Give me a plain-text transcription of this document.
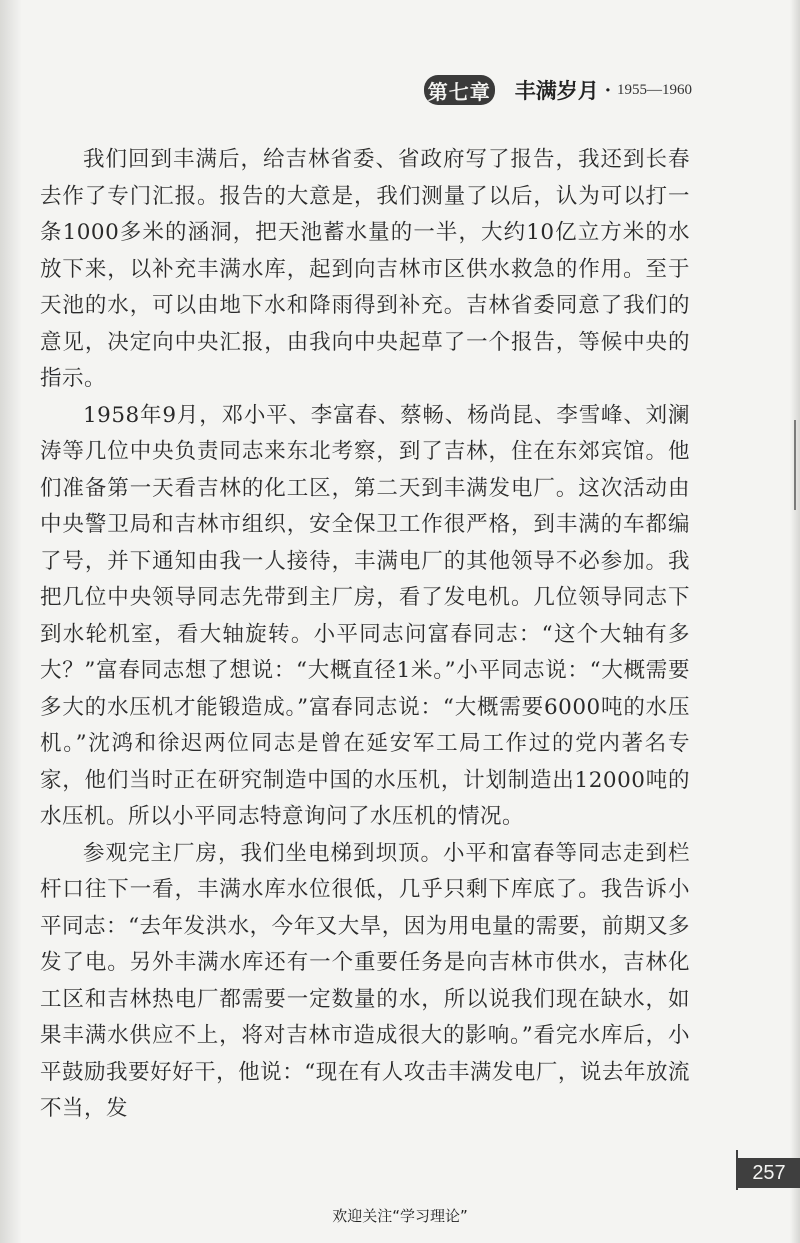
第七章 丰满岁月 · 1955—1960

我们回到丰满后，给吉林省委、省政府写了报告，我还到长春去作了专门汇报。报告的大意是，我们测量了以后，认为可以打一条1000多米的涵洞，把天池蓄水量的一半，大约10亿立方米的水放下来，以补充丰满水库，起到向吉林市区供水救急的作用。至于天池的水，可以由地下水和降雨得到补充。吉林省委同意了我们的意见，决定向中央汇报，由我向中央起草了一个报告，等候中央的指示。

1958年9月，邓小平、李富春、蔡畅、杨尚昆、李雪峰、刘澜涛等几位中央负责同志来东北考察，到了吉林，住在东郊宾馆。他们准备第一天看吉林的化工区，第二天到丰满发电厂。这次活动由中央警卫局和吉林市组织，安全保卫工作很严格，到丰满的车都编了号，并下通知由我一人接待，丰满电厂的其他领导不必参加。我把几位中央领导同志先带到主厂房，看了发电机。几位领导同志下到水轮机室，看大轴旋转。小平同志问富春同志：“这个大轴有多大？”富春同志想了想说：“大概直径1米。”小平同志说：“大概需要多大的水压机才能锻造成。”富春同志说：“大概需要6000吨的水压机。”沈鸿和徐迟两位同志是曾在延安军工局工作过的党内著名专家，他们当时正在研究制造中国的水压机，计划制造出12000吨的水压机。所以小平同志特意询问了水压机的情况。

参观完主厂房，我们坐电梯到坝顶。小平和富春等同志走到栏杆口往下一看，丰满水库水位很低，几乎只剩下库底了。我告诉小平同志：“去年发洪水，今年又大旱，因为用电量的需要，前期又多发了电。另外丰满水库还有一个重要任务是向吉林市供水，吉林化工区和吉林热电厂都需要一定数量的水，所以说我们现在缺水，如果丰满水供应不上，将对吉林市造成很大的影响。”看完水库后，小平鼓励我要好好干，他说：“现在有人攻击丰满发电厂，说去年放流不当，发

257
欢迎关注“学习理论”
